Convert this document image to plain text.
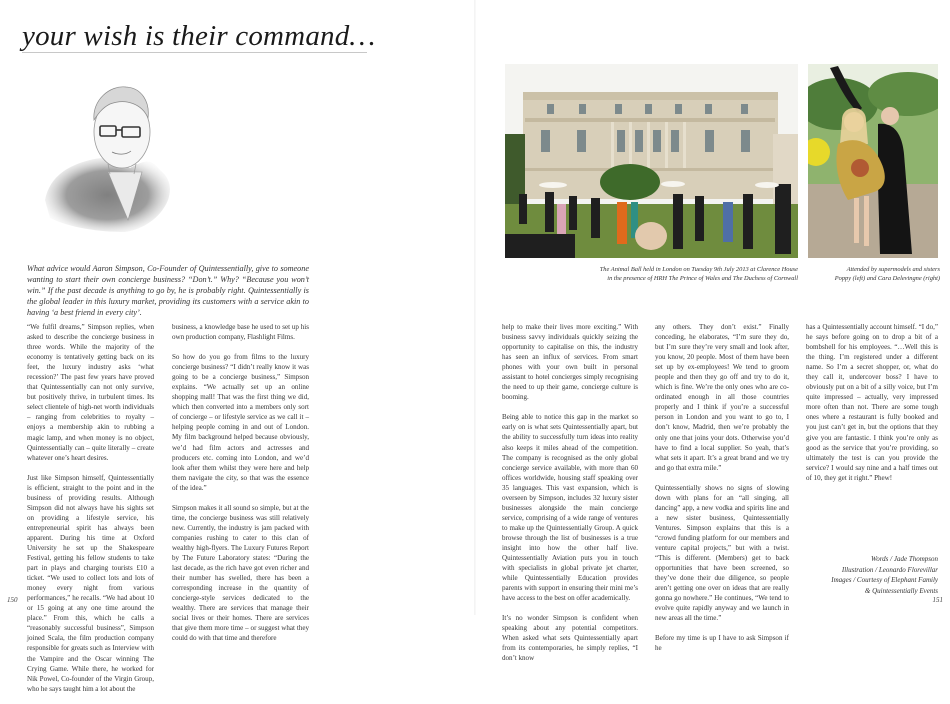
your wish is their command…
What advice would Aaron Simpson, Co-Founder of Quintessentially, give to someone wanting to start their own concierge business? “Don’t.” Why? “Because you won’t win.” If the past decade is anything to go by, he is probably right. Quintessentially is the global leader in this luxury market, providing its customers with a service akin to having ‘a best friend in every city’.

“We fulfil dreams,” Simpson replies, when asked to describe the concierge business in three words. While the majority of the economy is tentatively getting back on its feet, the luxury industry asks ‘what recession?’ The past few years have proved that Quintessentially can not only survive, but positively thrive, in turbulent times. Its select clientele of high-net worth individuals – ranging from celebrities to royalty – enjoys a membership akin to rubbing a magic lamp, and when money is no object, Quintessentially can – quite literally – create whatever one’s heart desires.

Just like Simpson himself, Quintessentially is efficient, straight to the point and in the business of providing results. Although Simpson did not always have his sights set on providing a lifestyle service, his entrepreneurial spirit has always been apparent. During his time at Oxford University he set up the Shakespeare Festival, getting his fellow students to take part in plays and charging tourists £10 a ticket. “We used to collect lots and lots of money every night from various performances,” he recalls. “We had about 10 or 15 going at any one time around the place.” From this, which he calls a “reasonably successful business”, Simpson joined Scala, the film production company responsible for greats such as Interview with the Vampire and the Oscar winning The Crying Game. While there, he worked for Nik Powel, Co-founder of the Virgin Group, who he says taught him a lot about the

business, a knowledge base he used to set up his own production company, Flashlight Films.

So how do you go from films to the luxury concierge business? “I didn’t really know it was going to be a concierge business,” Simpson explains. “We actually set up an online shopping mall! That was the first thing we did, which then converted into a members only sort of concierge – or lifestyle service as we call it – helping people coming in and out of London. My film background helped because obviously, we’d had film actors and actresses and producers etc. coming into London, and we’d look after them whilst they were here and help them navigate the city, so that was the essence of the idea.”

Simpson makes it all sound so simple, but at the time, the concierge business was still relatively new. Currently, the industry is jam packed with companies rushing to cater to this clan of wealthy high-flyers. The Luxury Futures Report by The Future Laboratory states: “During the last decade, as the rich have got even richer and their number has swelled, there has been a corresponding increase in the quantity of concierge-style services dedicated to the wealthy. There are services that manage their social lives or their homes. There are services that give them more time – or suggest what they could do with that time and therefore

help to make their lives more exciting.” With business savvy individuals quickly seizing the opportunity to capitalise on this, the industry has seen an influx of services. From smart phones with your own built in personal assistant to hotel concierges simply recognising the need to up their game, concierge culture is booming.

Being able to notice this gap in the market so early on is what sets Quintessentially apart, but the ability to successfully turn ideas into reality also keeps it miles ahead of the competition. The company is recognised as the only global concierge service available, with more than 60 offices worldwide, housing staff speaking over 35 languages. This vast expansion, which is overseen by Simpson, includes 32 luxury sister businesses alongside the main concierge service, comprising of a wide range of ventures to make up the Quintessentially Group. A quick browse through the list of businesses is a true insight into how the other half live. Quintessentially Aviation puts you in touch with specialists in global private jet charter, while Quintessentially Education provides parents with support in ensuring their mini me’s have access to the best on offer academically.

It’s no wonder Simpson is confident when speaking about any potential competitors. When asked what sets Quintessentially apart from its contemporaries, he simply replies, “I don’t know

any others. They don’t exist.” Finally conceding, he elaborates, “I’m sure they do, but I’m sure they’re very small and look after, you know, 20 people. Most of them have been set up by ex-employees! We tend to groom people and then they go off and try to do it, which is fine. We’re the only ones who are co-ordinated enough in all those countries properly and I think if you’re a successful person in London and you want to go to, I don’t know, Madrid, then we’re probably the only one that joins your dots. Otherwise you’d have to find a local supplier. So yeah, that’s what sets it apart. It’s a great brand and we try and go that extra mile.”

Quintessentially shows no signs of slowing down with plans for an “all singing, all dancing” app, a new vodka and spirits line and a new sister business, Quintessentially Ventures. Simpson explains that this is a “crowd funding platform for our members and venture capital projects,” but with a twist. “This is different. (Members) get to back opportunities that have been screened, so they’ve done their due diligence, so people aren’t getting one over on ideas that are really gonna go nowhere.” He continues, “We tend to evolve quite rapidly anyway and we launch in new areas all the time.”

Before my time is up I have to ask Simpson if he

has a Quintessentially account himself. “I do,” he says before going on to drop a bit of a bombshell for his employees. “…Well this is the thing. I’m registered under a different name. So I’m a secret shopper, or, what do they call it, undercover boss? I have to obviously put on a bit of a silly voice, but I’m quite impressed – actually, very impressed more often than not. There are some tough ones where a restaurant is fully booked and you just can’t get in, but the options that they give you are fantastic. I think you’re only as good as the service that you’re providing, so ultimately the test is can you provide the service? I would say nine and a half times out of 10, they get it right.” Phew!

The Animal Ball held in London on Tuesday 9th July 2013 at Clarence House
in the presence of HRH The Prince of Wales and The Duchess of Cornwall
Attended by supermodels and sisters
Poppy (left) and Cara Delevingne (right)
Words / Jade Thompson
Illustration / Leonardo Florevillar
Images / Courtesy of Elephant Family
& Quintessentially Events
150	151
